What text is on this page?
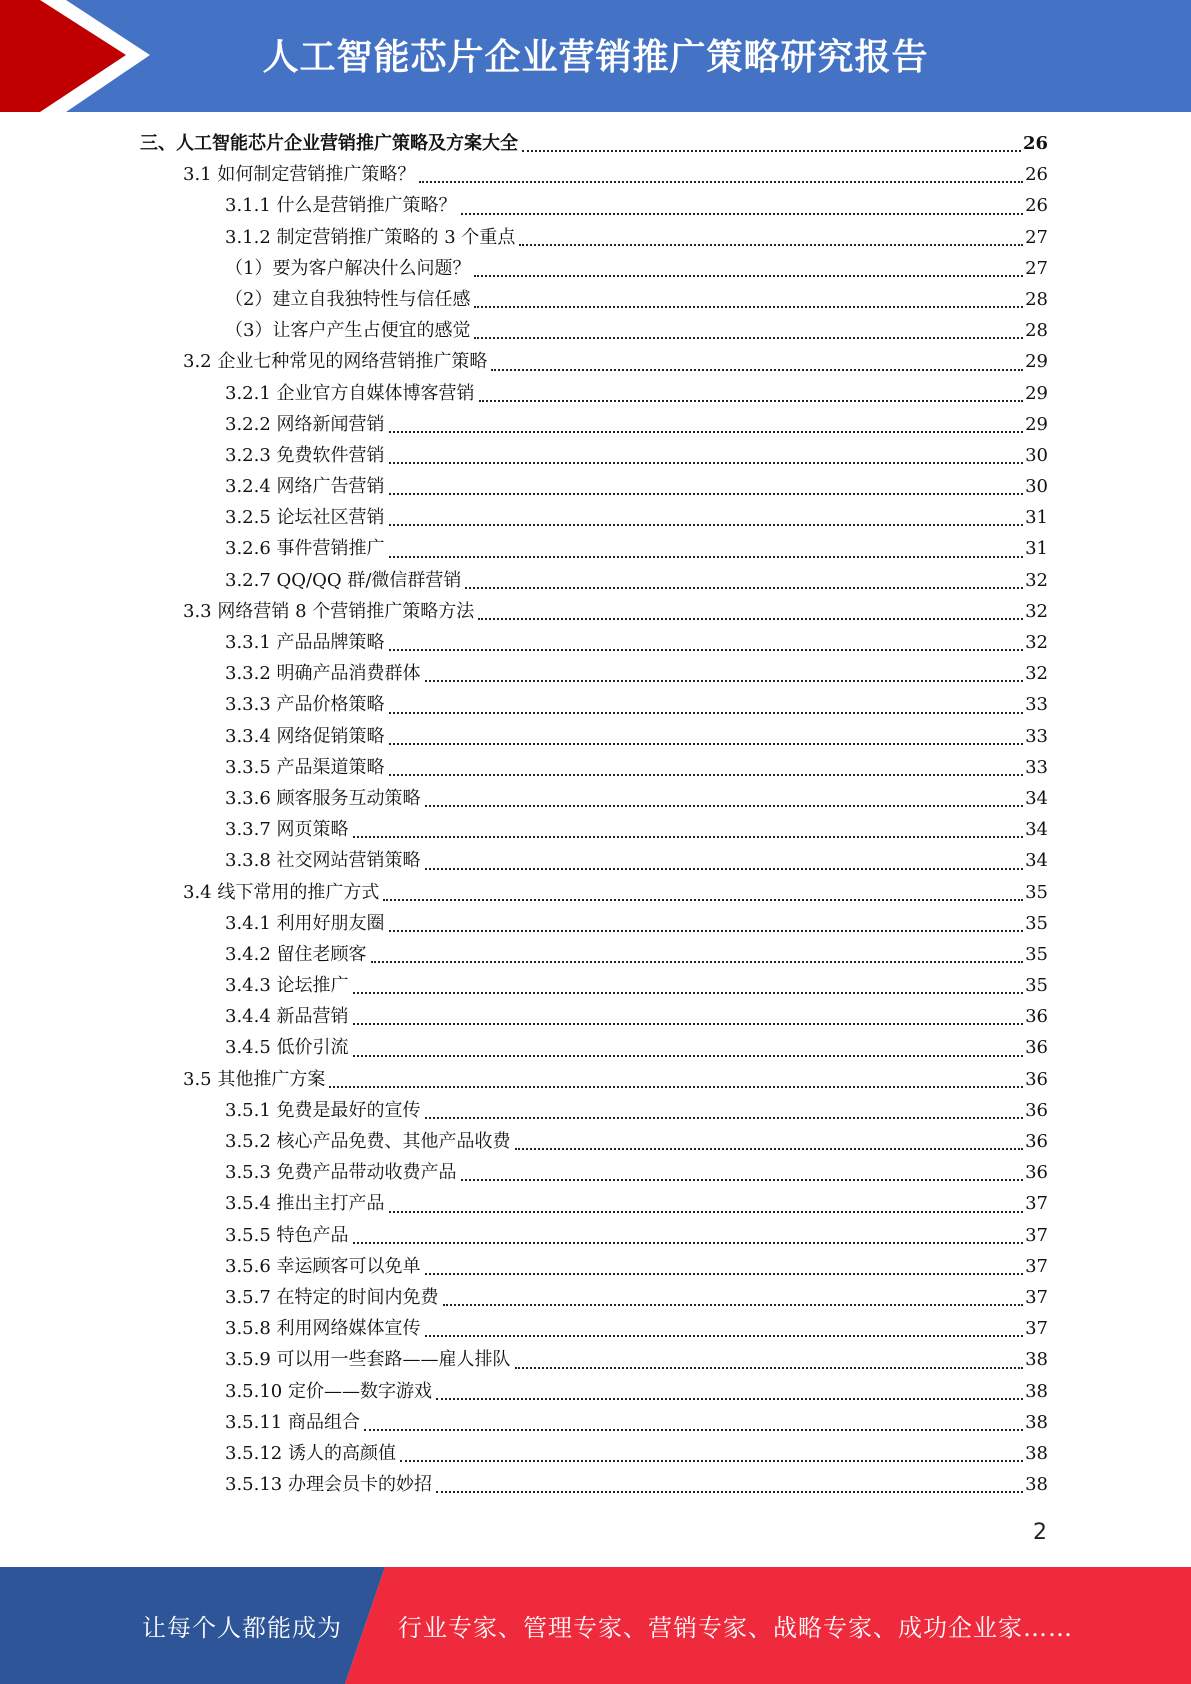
人工智能芯片企业营销推广策略研究报告
三、人工智能芯片企业营销推广策略及方案大全	26
3.1 如何制定营销推广策略？	26
3.1.1 什么是营销推广策略？	26
3.1.2 制定营销推广策略的 3 个重点	27
（1）要为客户解决什么问题？	27
（2）建立自我独特性与信任感	28
（3）让客户产生占便宜的感觉	28
3.2 企业七种常见的网络营销推广策略	29
3.2.1 企业官方自媒体博客营销	29
3.2.2 网络新闻营销	29
3.2.3 免费软件营销	30
3.2.4 网络广告营销	30
3.2.5 论坛社区营销	31
3.2.6 事件营销推广	31
3.2.7 QQ/QQ 群/微信群营销	32
3.3 网络营销 8 个营销推广策略方法	32
3.3.1 产品品牌策略	32
3.3.2 明确产品消费群体	32
3.3.3 产品价格策略	33
3.3.4 网络促销策略	33
3.3.5 产品渠道策略	33
3.3.6 顾客服务互动策略	34
3.3.7 网页策略	34
3.3.8 社交网站营销策略	34
3.4 线下常用的推广方式	35
3.4.1 利用好朋友圈	35
3.4.2 留住老顾客	35
3.4.3 论坛推广	35
3.4.4 新品营销	36
3.4.5 低价引流	36
3.5 其他推广方案	36
3.5.1 免费是最好的宣传	36
3.5.2 核心产品免费、其他产品收费	36
3.5.3 免费产品带动收费产品	36
3.5.4 推出主打产品	37
3.5.5 特色产品	37
3.5.6 幸运顾客可以免单	37
3.5.7 在特定的时间内免费	37
3.5.8 利用网络媒体宣传	37
3.5.9 可以用一些套路——雇人排队	38
3.5.10 定价——数字游戏	38
3.5.11 商品组合	38
3.5.12 诱人的高颜值	38
3.5.13 办理会员卡的妙招	38
2
让每个人都能成为 行业专家、管理专家、营销专家、战略专家、成功企业家……
